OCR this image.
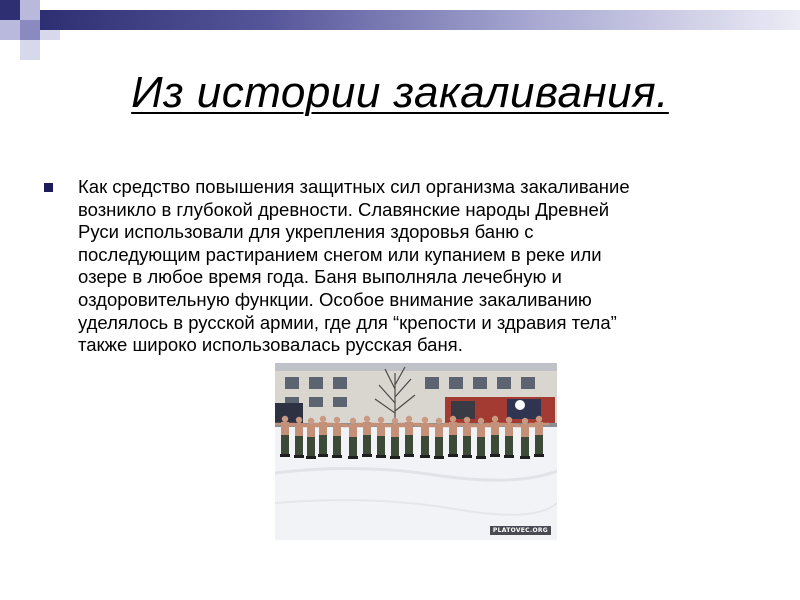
Из истории закаливания.
Как средство повышения защитных сил организма закаливание
возникло в глубокой древности. Славянские народы Древней
Руси использовали для укрепления здоровья баню с
последующим растиранием снегом или купанием в реке или
озере в любое время года. Баня выполняла лечебную и
оздоровительную функции. Особое внимание закаливанию
уделялось в русской армии, где для “крепости и здравия тела”
также широко использовалась русская баня.
PLATOVEC.ORG
